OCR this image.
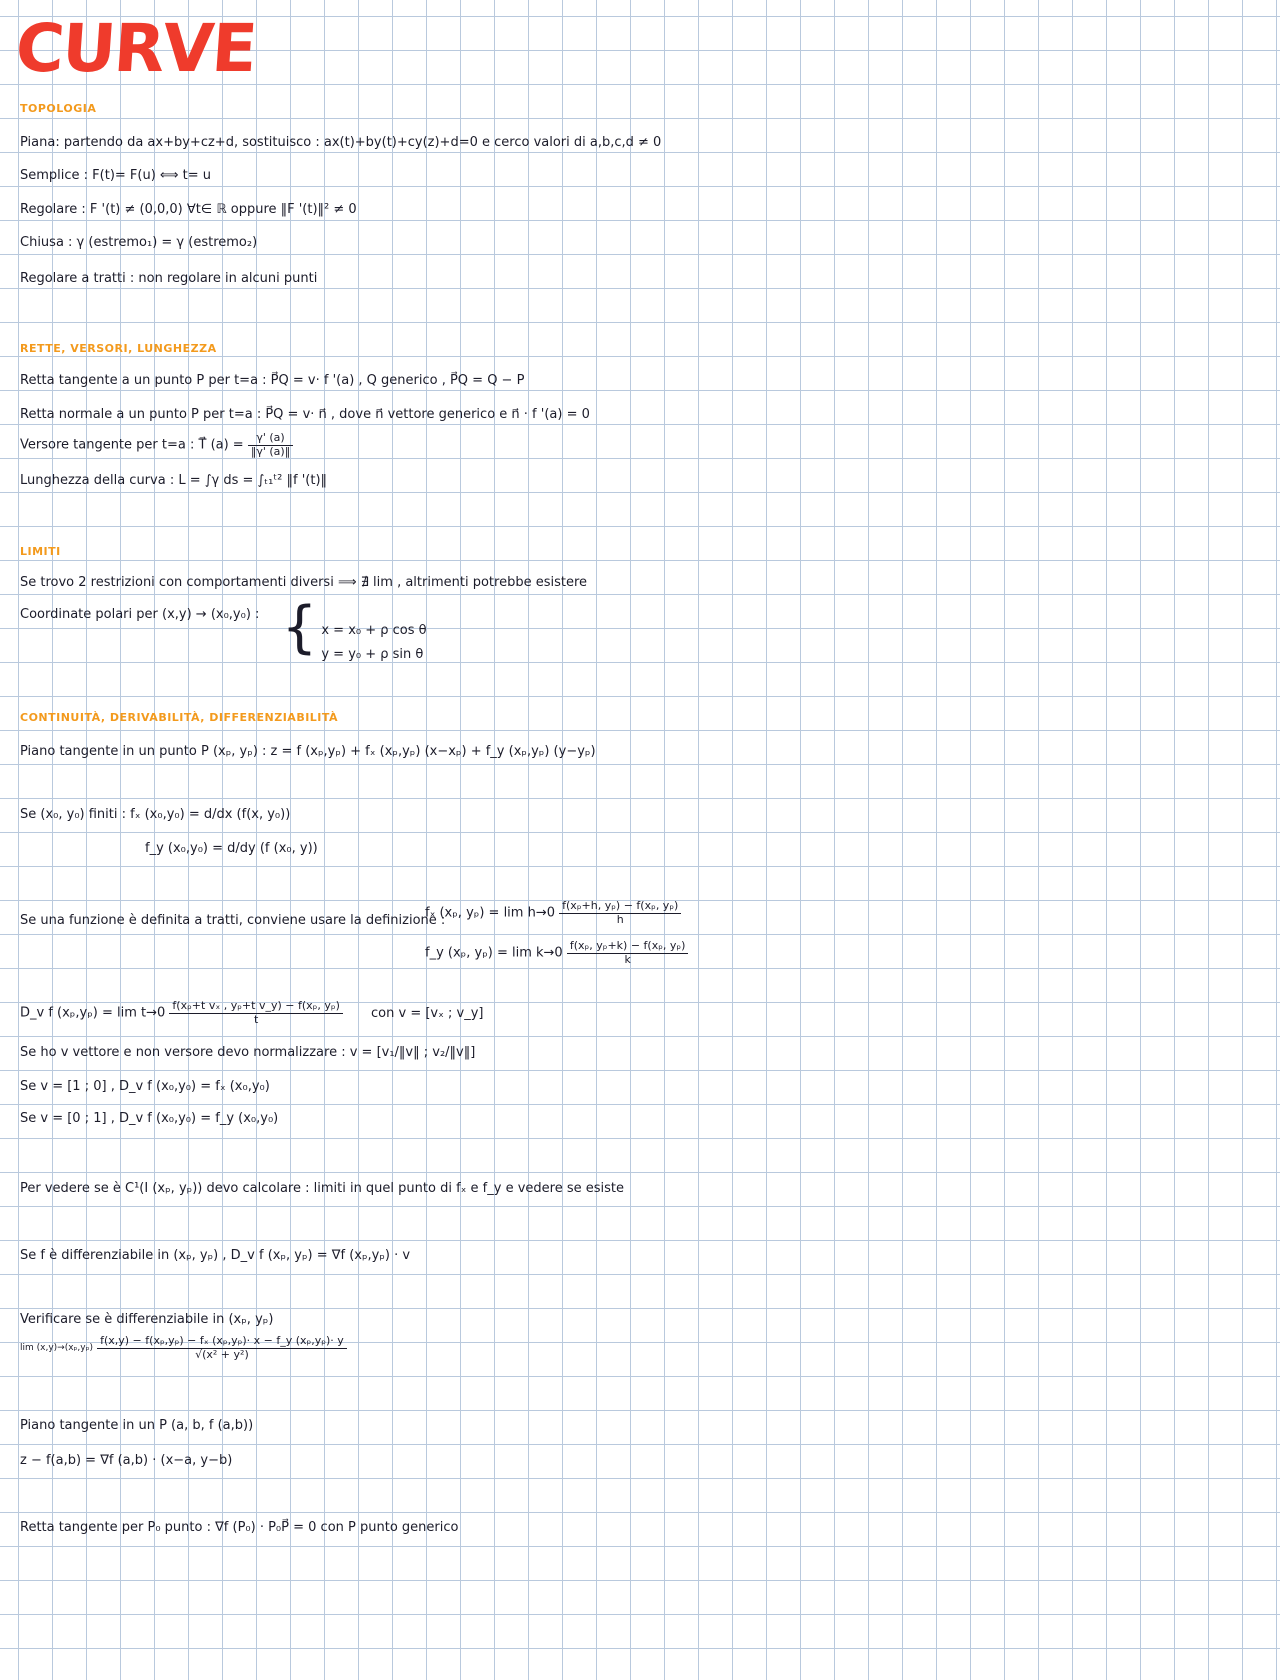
CURVE
TOPOLOGIA
Piana: partendo da ax+by+cz+d, sostituisco : ax(t)+by(t)+cy(z)+d=0 e cerco valori di a,b,c,d ≠ 0
Semplice : F(t)= F(u) ⟺ t= u
Regolare : F '(t) ≠ (0,0,0) ∀t∈ ℝ oppure ‖F '(t)‖² ≠ 0
Chiusa : γ (estremo₁) = γ (estremo₂)
Regolare a tratti : non regolare in alcuni punti
RETTE, VERSORI, LUNGHEZZA
Retta tangente a un punto P per t=a : P⃗Q = v· f '(a) , Q generico , P⃗Q = Q − P
Retta normale a un punto P per t=a : P⃗Q = v· n⃗ , dove n⃗ vettore generico e n⃗ · f '(a) = 0
Versore tangente per t=a : T⃗ $(a) = \frac{\gamma' (a)}{‖\gamma' (a)‖}$
Lunghezza della curva : L = ∫γ ds = ∫ₜ₁ᵗ² ‖f '(t)‖
LIMITI
Se trovo 2 restrizioni con comportamenti diversi ⟹ ∄ lim , altrimenti potrebbe esistere
Coordinate polari per (x,y) → (x₀,y₀) : { x = x₀ + ρ cos θ
y = y₀ + ρ sin θ
CONTINUITÀ, DERIVABILITÀ, DIFFERENZIABILITÀ
Piano tangente in un punto P (xₚ, yₚ) : z = f (xₚ,yₚ) + fₓ (xₚ,yₚ) (x−xₚ) + f_y (xₚ,yₚ) (y−yₚ)
Se (x₀, y₀) finiti : fₓ (x₀,y₀) = d/dx (f(x, y₀))
f_y (x₀,y₀) = d/dy (f (x₀, y))
Se una funzione è definita a tratti, conviene usare la definizione :
fₓ (xₚ, $y_p) = \lim h\to 0 \frac{\text{f(xₚ+h, yₚ) − f(xₚ, yₚ)}}{h}$
f_y (xₚ, $y_p) = \lim k\to 0 \frac{\text{f(xₚ, yₚ+k) − f(xₚ, yₚ)}}{k}$
D_v f $(x_p,y_p) = \lim t\to 0 \frac{\text{f(xₚ+t vₓ , yₚ+t v\_y) − f(xₚ, yₚ)}}{t}$ con v = [vₓ ; v_y]
Se ho v vettore e non versore devo normalizzare : v = [v₁/‖v‖ ; v₂/‖v‖]
Se v = [1 ; 0] , D_v f (x₀,y₀) = fₓ (x₀,y₀)
Se v = [0 ; 1] , D_v f (x₀,y₀) = f_y (x₀,y₀)
Per vedere se è C¹(I (xₚ, yₚ)) devo calcolare : limiti in quel punto di fₓ e f_y e vedere se esiste
Se f è differenziabile in (xₚ, yₚ) , D_v f (xₚ, yₚ) = ∇f (xₚ,yₚ) · v
Verificare se è differenziabile in (xₚ, yₚ)
$\lim (x,y)\to(x_p,y_p) \frac{\text{f(x,y) − f(xₚ,yₚ) − fₓ (xₚ,yₚ)· x − f\_y (xₚ,yₚ)· y}}{\text{√(x² + y²)}}$
Piano tangente in un P (a, b, f (a,b))
z − f(a,b) = ∇f (a,b) · (x−a, y−b)
Retta tangente per P₀ punto : ∇f (P₀) · P₀P⃗ = 0 con P punto generico
